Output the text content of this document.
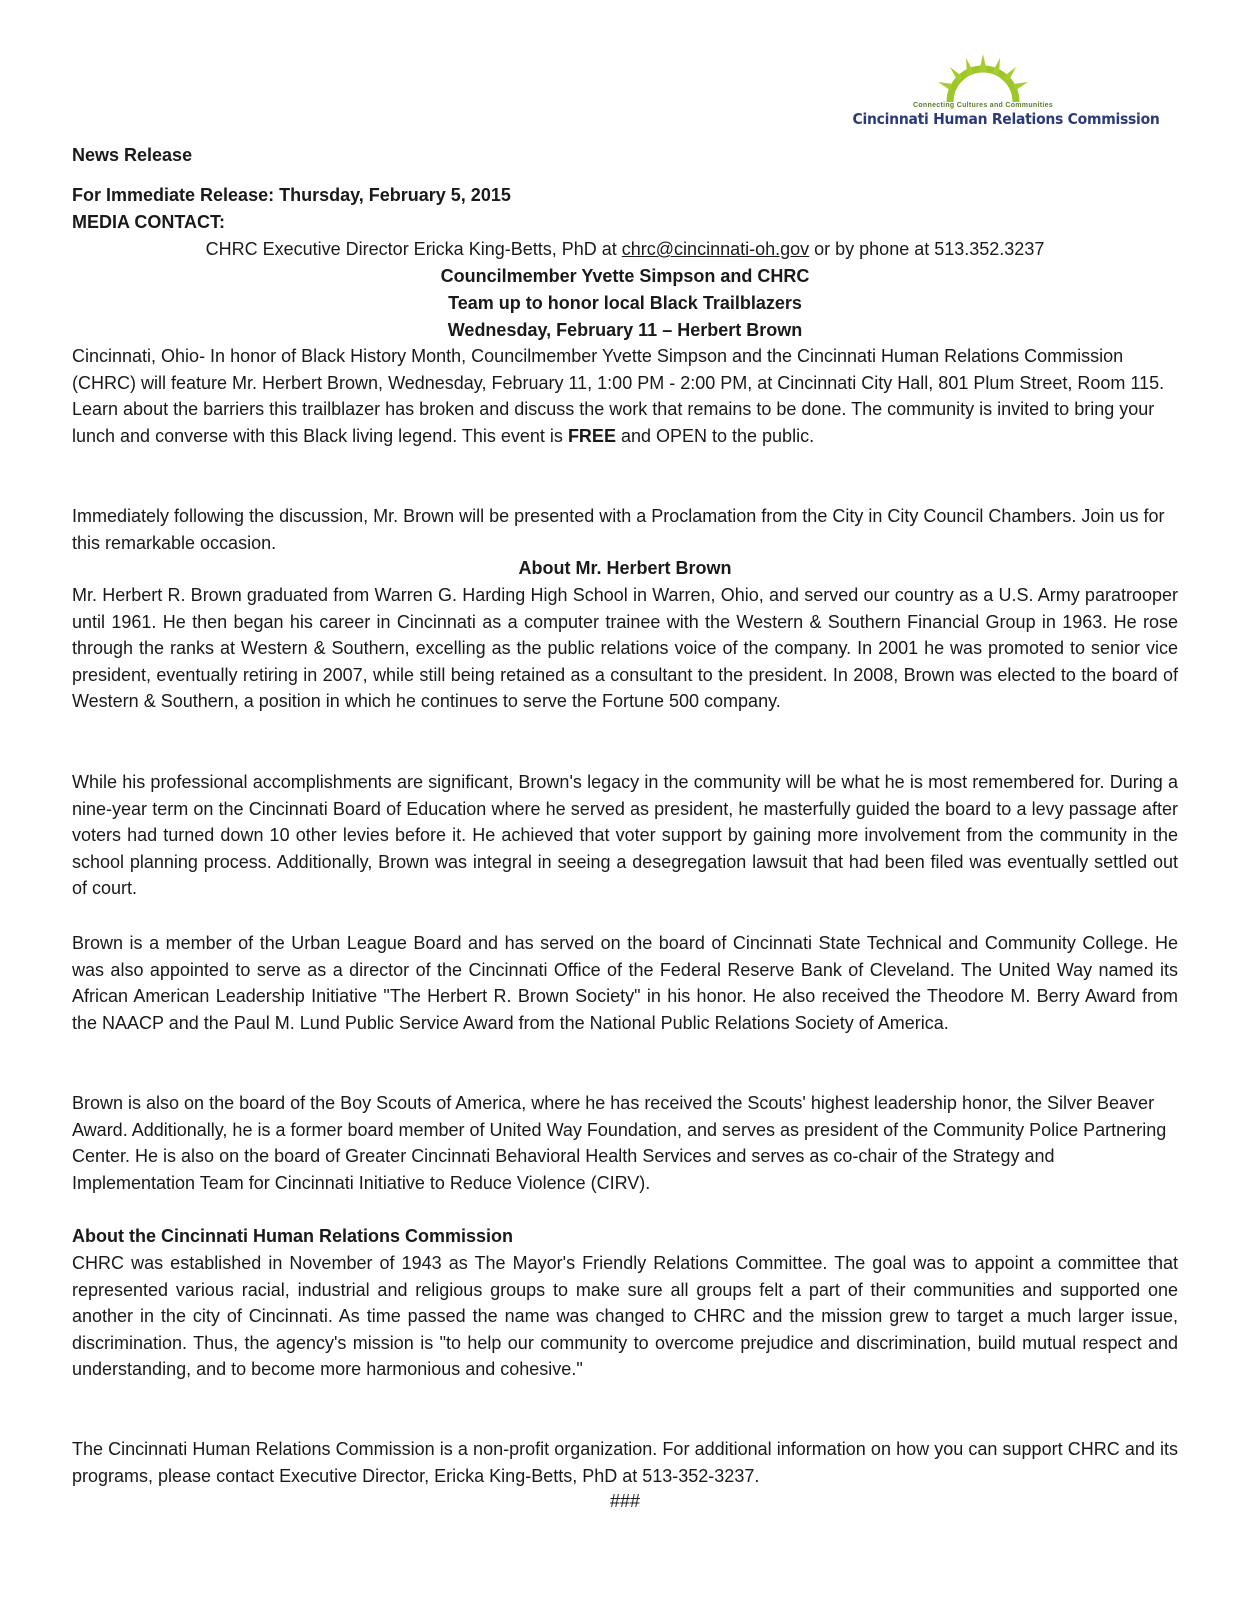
Connecting Cultures and Communities
Cincinnati Human Relations Commission
News Release
For Immediate Release: Thursday, February 5, 2015
MEDIA CONTACT:
CHRC Executive Director Ericka King-Betts, PhD at chrc@cincinnati-oh.gov or by phone at 513.352.3237
Councilmember Yvette Simpson and CHRC
Team up to honor local Black Trailblazers
Wednesday, February 11 – Herbert Brown

Cincinnati, Ohio- In honor of Black History Month, Councilmember Yvette Simpson and the Cincinnati Human Relations Commission (CHRC) will feature Mr. Herbert Brown, Wednesday, February 11, 1:00 PM - 2:00 PM, at Cincinnati City Hall, 801 Plum Street, Room 115. Learn about the barriers this trailblazer has broken and discuss the work that remains to be done. The community is invited to bring your lunch and converse with this Black living legend. This event is FREE and OPEN to the public.

Immediately following the discussion, Mr. Brown will be presented with a Proclamation from the City in City Council Chambers. Join us for this remarkable occasion.

About Mr. Herbert Brown

Mr. Herbert R. Brown graduated from Warren G. Harding High School in Warren, Ohio, and served our country as a U.S. Army paratrooper until 1961. He then began his career in Cincinnati as a computer trainee with the Western & Southern Financial Group in 1963. He rose through the ranks at Western & Southern, excelling as the public relations voice of the company. In 2001 he was promoted to senior vice president, eventually retiring in 2007, while still being retained as a consultant to the president. In 2008, Brown was elected to the board of Western & Southern, a position in which he continues to serve the Fortune 500 company.

While his professional accomplishments are significant, Brown's legacy in the community will be what he is most remembered for. During a nine-year term on the Cincinnati Board of Education where he served as president, he masterfully guided the board to a levy passage after voters had turned down 10 other levies before it. He achieved that voter support by gaining more involvement from the community in the school planning process. Additionally, Brown was integral in seeing a desegregation lawsuit that had been filed was eventually settled out of court.

Brown is a member of the Urban League Board and has served on the board of Cincinnati State Technical and Community College. He was also appointed to serve as a director of the Cincinnati Office of the Federal Reserve Bank of Cleveland. The United Way named its African American Leadership Initiative "The Herbert R. Brown Society" in his honor. He also received the Theodore M. Berry Award from the NAACP and the Paul M. Lund Public Service Award from the National Public Relations Society of America.

Brown is also on the board of the Boy Scouts of America, where he has received the Scouts' highest leadership honor, the Silver Beaver Award. Additionally, he is a former board member of United Way Foundation, and serves as president of the Community Police Partnering Center. He is also on the board of Greater Cincinnati Behavioral Health Services and serves as co-chair of the Strategy and Implementation Team for Cincinnati Initiative to Reduce Violence (CIRV).

About the Cincinnati Human Relations Commission

CHRC was established in November of 1943 as The Mayor's Friendly Relations Committee. The goal was to appoint a committee that represented various racial, industrial and religious groups to make sure all groups felt a part of their communities and supported one another in the city of Cincinnati. As time passed the name was changed to CHRC and the mission grew to target a much larger issue, discrimination. Thus, the agency's mission is "to help our community to overcome prejudice and discrimination, build mutual respect and understanding, and to become more harmonious and cohesive."

The Cincinnati Human Relations Commission is a non-profit organization. For additional information on how you can support CHRC and its programs, please contact Executive Director, Ericka King-Betts, PhD at 513-352-3237.

###
